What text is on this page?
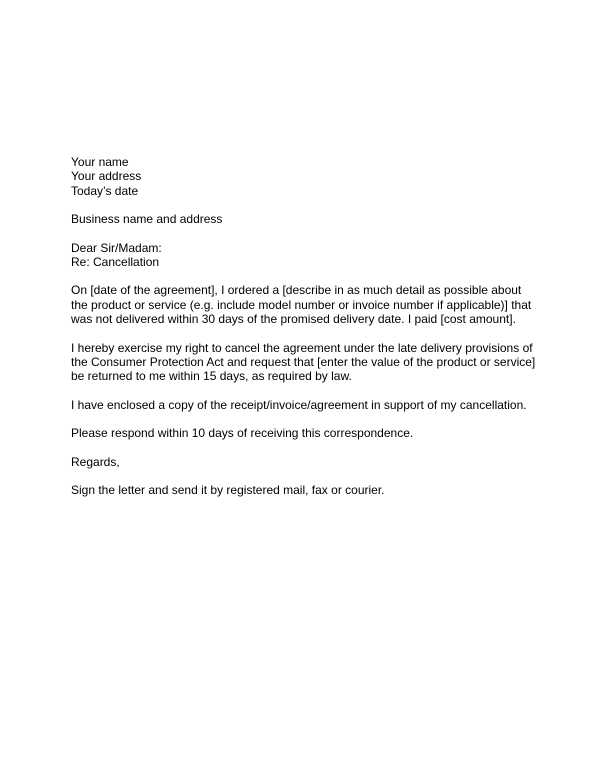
Your name
Your address
Today’s date
Business name and address
Dear Sir/Madam:
Re: Cancellation

On [date of the agreement], I ordered a [describe in as much detail as possible about
the product or service (e.g. include model number or invoice number if applicable)] that
was not delivered within 30 days of the promised delivery date. I paid [cost amount].

I hereby exercise my right to cancel the agreement under the late delivery provisions of
the Consumer Protection Act and request that [enter the value of the product or service]
be returned to me within 15 days, as required by law.

I have enclosed a copy of the receipt/invoice/agreement in support of my cancellation.

Please respond within 10 days of receiving this correspondence.

Regards,

Sign the letter and send it by registered mail, fax or courier.
